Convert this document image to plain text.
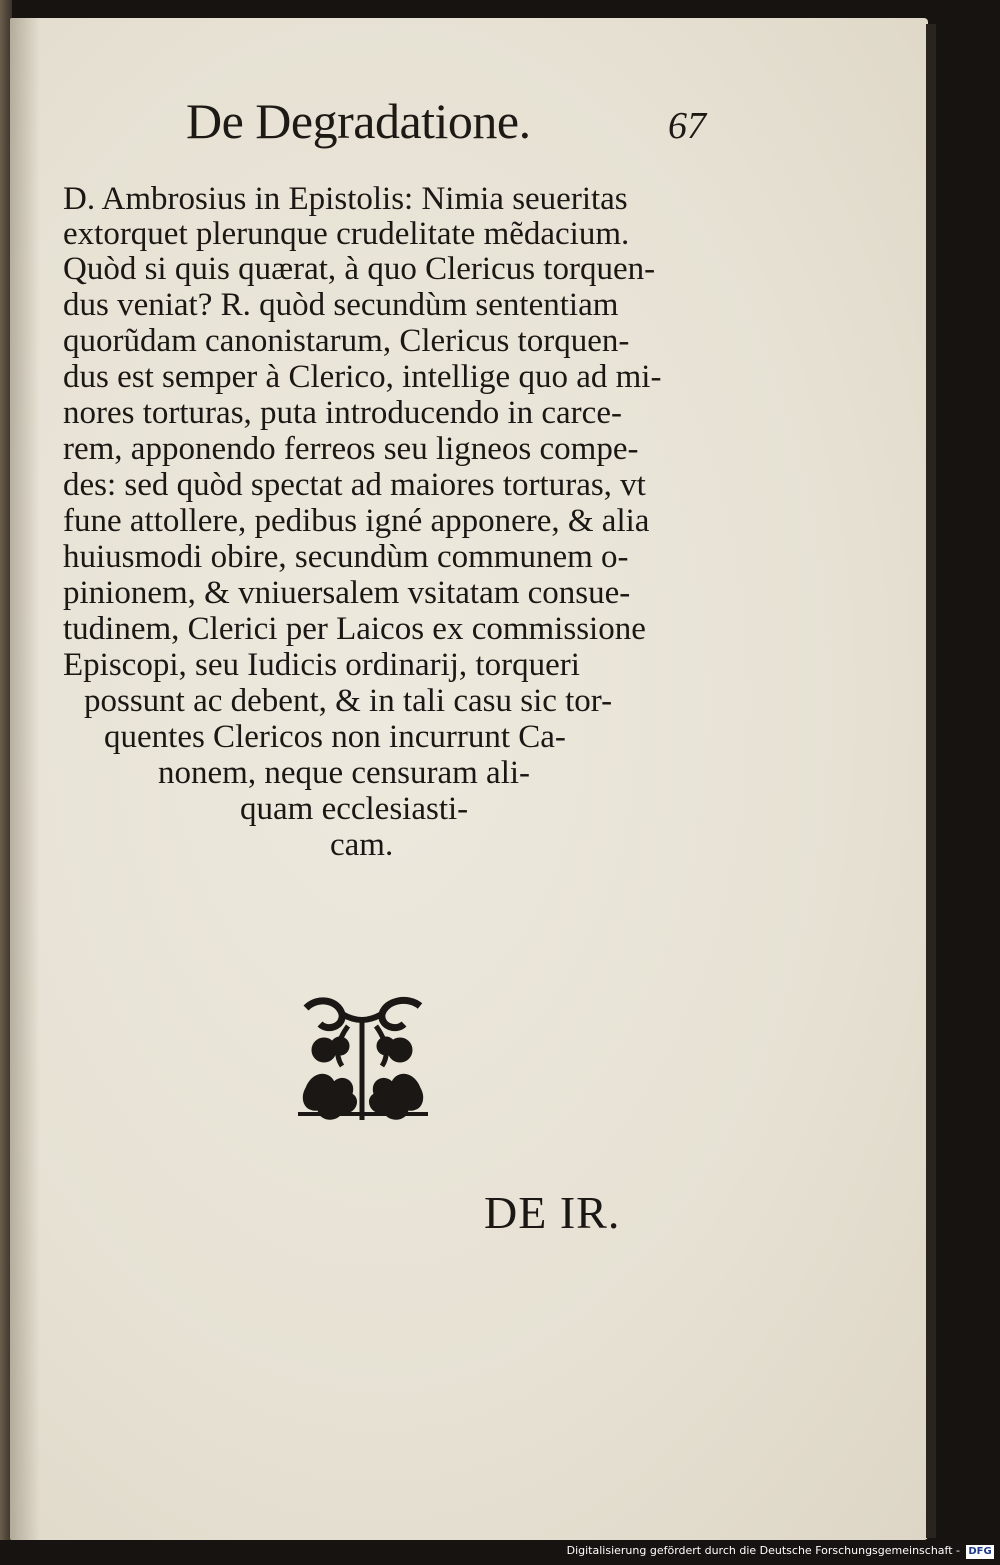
De Degradatione.	67
D. Ambrosius in Epistolis: Nimia seueritas
extorquet plerunque crudelitate mẽdacium.
Quòd si quis quærat, à quo Clericus torquen-
dus veniat? R. quòd secundùm sententiam
quorũdam canonistarum, Clericus torquen-
dus est semper à Clerico, intellige quo ad mi-
nores torturas, puta introducendo in carce-
rem, apponendo ferreos seu ligneos compe-
des: sed quòd spectat ad maiores torturas, vt
fune attollere, pedibus igné apponere, & alia
huiusmodi obire, secundùm communem o-
pinionem, & vniuersalem vsitatam consue-
tudinem, Clerici per Laicos ex commissione
Episcopi, seu Iudicis ordinarij, torqueri
possunt ac debent, & in tali casu sic tor-
quentes Clericos non incurrunt Ca-
nonem, neque censuram ali-
quam ecclesiasti-
cam.
DE IR.
Digitalisierung gefördert durch die Deutsche Forschungsgemeinschaft - DFG
